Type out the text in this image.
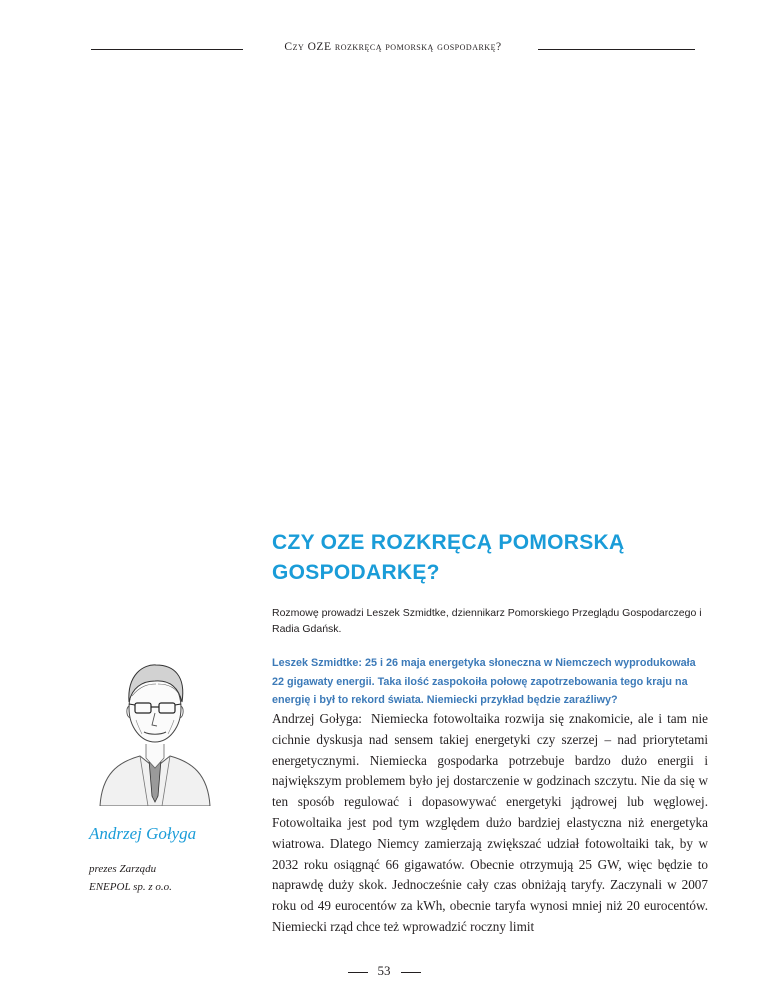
Czy OZE rozkręcą pomorską gospodarkę?
CZY OZE ROZKRĘCĄ POMORSKĄ
GOSPODARKĘ?

Rozmowę prowadzi Leszek Szmidtke, dziennikarz Pomorskiego Przeglądu Gospodarczego i Radia Gdańsk.

Leszek Szmidtke: 25 i 26 maja energetyka słoneczna w Niemczech wyprodukowała 22 gigawaty energii. Taka ilość zaspokoiła połowę zapotrzebowania tego kraju na energię i był to rekord świata. Niemiecki przykład będzie zaraźliwy?

Andrzej Gołyga: Niemiecka fotowoltaika rozwija się znakomicie, ale i tam nie cichnie dyskusja nad sensem takiej energetyki czy szerzej – nad priorytetami energetycznymi. Niemiecka gospodarka potrzebuje bardzo dużo energii i największym problemem było jej dostarczenie w godzinach szczytu. Nie da się w ten sposób regulować i dopasowywać energetyki jądrowej lub węglowej. Fotowoltaika jest pod tym względem dużo bardziej elastyczna niż energetyka wiatrowa. Dlatego Niemcy zamierzają zwiększać udział fotowoltaiki tak, by w 2032 roku osiągnąć 66 gigawatów. Obecnie otrzymują 25 GW, więc będzie to naprawdę duży skok. Jednocześnie cały czas obniżają taryfy. Zaczynali w 2007 roku od 49 eurocentów za kWh, obecnie taryfa wynosi mniej niż 20 eurocentów. Niemiecki rząd chce też wprowadzić roczny limit

Andrzej Gołyga

prezes Zarządu
ENEPOL sp. z o.o.

53
